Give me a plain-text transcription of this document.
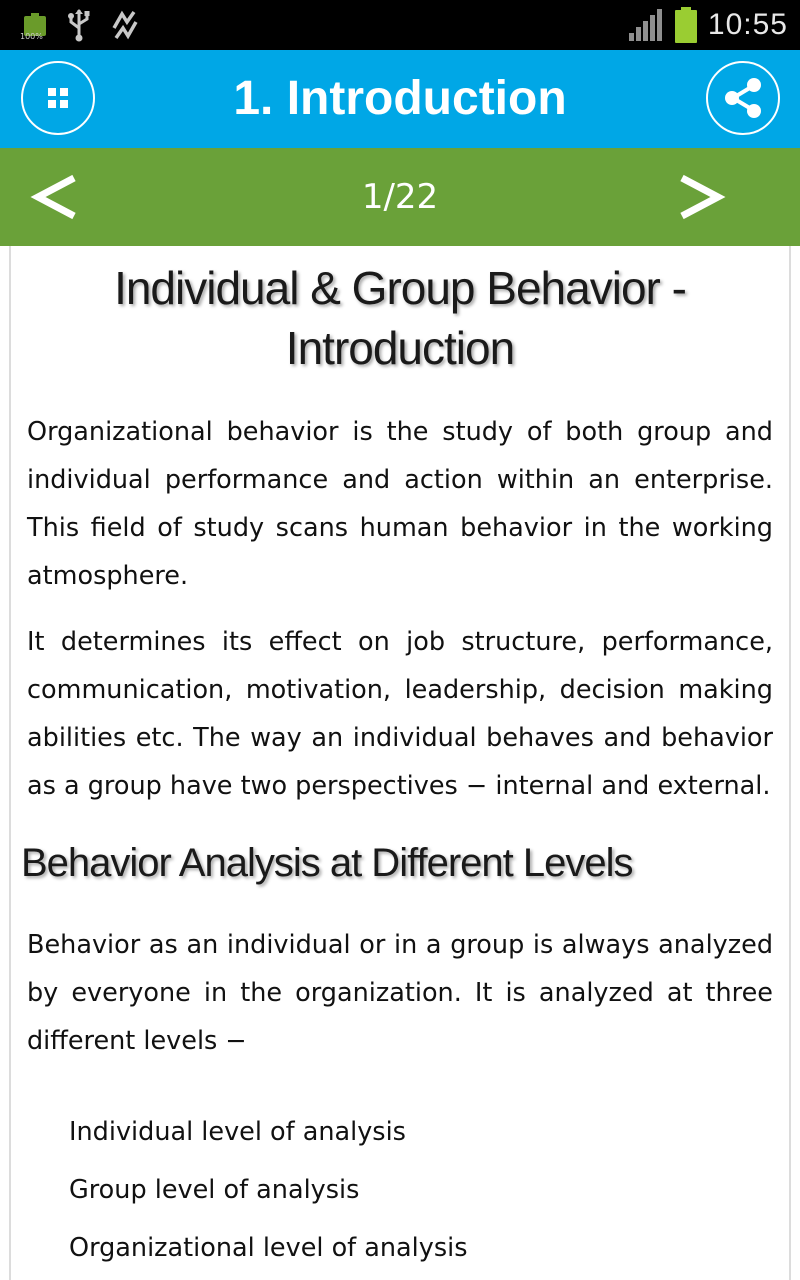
100%	10:55
1. Introduction
1/22
Individual & Group Behavior - Introduction

Organizational behavior is the study of both group and individual performance and action within an enterprise. This field of study scans human behavior in the working atmosphere.

It determines its effect on job structure, performance, communication, motivation, leadership, decision making abilities etc. The way an individual behaves and behavior as a group have two perspectives − internal and external.

Behavior Analysis at Different Levels

Behavior as an individual or in a group is always analyzed by everyone in the organization. It is analyzed at three different levels −

Individual level of analysis
Group level of analysis
Organizational level of analysis
